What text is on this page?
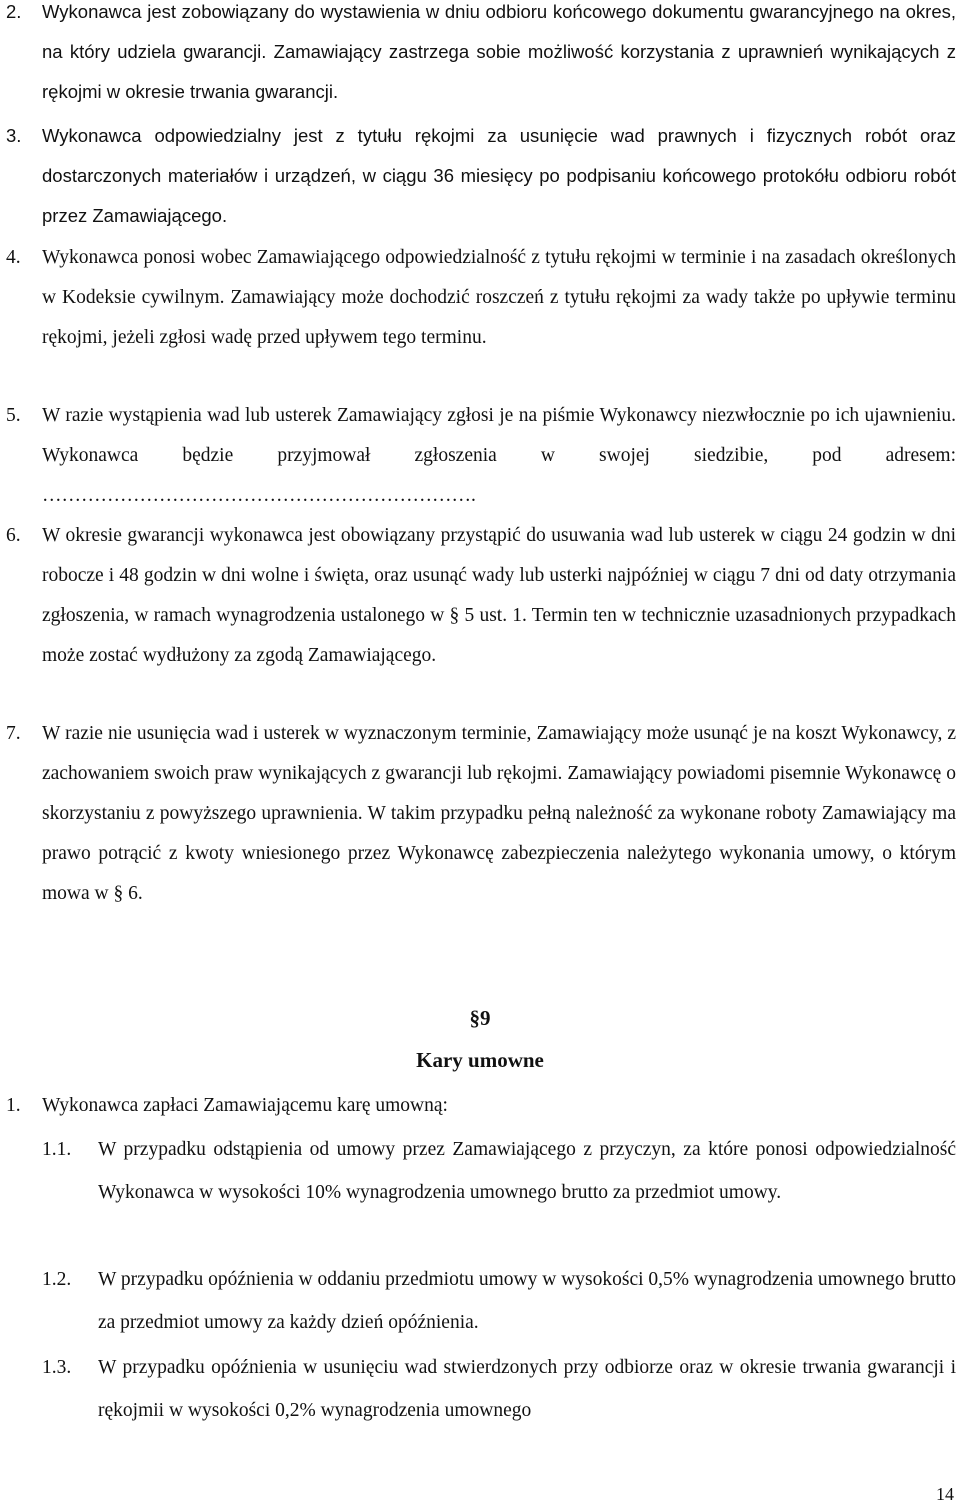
2. Wykonawca jest zobowiązany do wystawienia w dniu odbioru końcowego dokumentu gwarancyjnego na okres, na który udziela gwarancji. Zamawiający zastrzega sobie możliwość korzystania z uprawnień wynikających z rękojmi w okresie trwania gwarancji.
3. Wykonawca odpowiedzialny jest z tytułu rękojmi za usunięcie wad prawnych i fizycznych robót oraz dostarczonych materiałów i urządzeń, w ciągu 36 miesięcy po podpisaniu końcowego protokółu odbioru robót przez Zamawiającego.
4. Wykonawca ponosi wobec Zamawiającego odpowiedzialność z tytułu rękojmi w terminie i na zasadach określonych w Kodeksie cywilnym. Zamawiający może dochodzić roszczeń z tytułu rękojmi za wady także po upływie terminu rękojmi, jeżeli zgłosi wadę przed upływem tego terminu.
5. W razie wystąpienia wad lub usterek Zamawiający zgłosi je na piśmie Wykonawcy niezwłocznie po ich ujawnieniu. Wykonawca będzie przyjmował zgłoszenia w swojej siedzibie, pod adresem: ………………………………………………………….
6. W okresie gwarancji wykonawca jest obowiązany przystąpić do usuwania wad lub usterek w ciągu 24 godzin w dni robocze i 48 godzin w dni wolne i święta, oraz usunąć wady lub usterki najpóźniej w ciągu 7 dni od daty otrzymania zgłoszenia, w ramach wynagrodzenia ustalonego w § 5 ust. 1. Termin ten w technicznie uzasadnionych przypadkach może zostać wydłużony za zgodą Zamawiającego.
7. W razie nie usunięcia wad i usterek w wyznaczonym terminie, Zamawiający może usunąć je na koszt Wykonawcy, z zachowaniem swoich praw wynikających z gwarancji lub rękojmi. Zamawiający powiadomi pisemnie Wykonawcę o skorzystaniu z powyższego uprawnienia. W takim przypadku pełną należność za wykonane roboty Zamawiający ma prawo potrącić z kwoty wniesionego przez Wykonawcę zabezpieczenia należytego wykonania umowy, o którym mowa w § 6.
§9
Kary umowne
1. Wykonawca zapłaci Zamawiającemu karę umowną:
1.1. W przypadku odstąpienia od umowy przez Zamawiającego z przyczyn, za które ponosi odpowiedzialność Wykonawca w wysokości 10% wynagrodzenia umownego brutto za przedmiot umowy.
1.2. W przypadku opóźnienia w oddaniu przedmiotu umowy w wysokości 0,5% wynagrodzenia umownego brutto za przedmiot umowy za każdy dzień opóźnienia.
1.3. W przypadku opóźnienia w usunięciu wad stwierdzonych przy odbiorze oraz w okresie trwania gwarancji i rękojmii w wysokości 0,2% wynagrodzenia umownego
14
